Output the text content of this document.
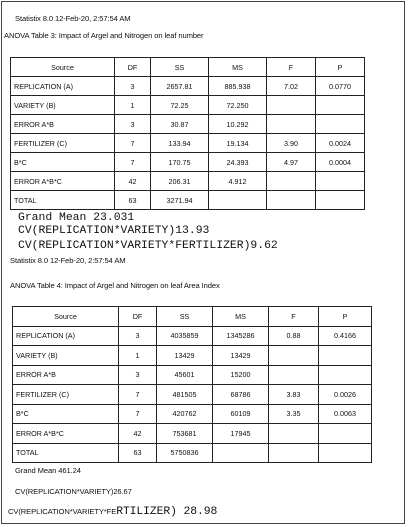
Statistix 8.0 12-Feb-20, 2:57:54 AM
ANOVA Table 3: Impact of Argel and Nitrogen on leaf number
Source	DF	SS	MS	F	P
REPLICATION (A)	3	2657.81	885.938	7.02	0.0770
VARIETY (B)	1	72.25	72.250		
ERROR A*B	3	30.87	10.292		
FERTILIZER (C)	7	133.94	19.134	3.90	0.0024
B*C	7	170.75	24.393	4.97	0.0004
ERROR A*B*C	42	206.31	4.912		
TOTAL	63	3271.94			
Grand Mean 23.031
CV(REPLICATION*VARIETY)13.93
CV(REPLICATION*VARIETY*FERTILIZER)9.62
Statistix 8.0 12-Feb-20, 2:57:54 AM
ANOVA Table 4: Impact of Argel and Nitrogen on leaf Area Index
Source	DF	SS	MS	F	P
REPLICATION (A)	3	4035859	1345286	0.88	0.4166
VARIETY (B)	1	13429	13429		
ERROR A*B	3	45601	15200		
FERTILIZER (C)	7	481505	68786	3.83	0.0026
B*C	7	420762	60109	3.35	0.0063
ERROR A*B*C	42	753681	17945		
TOTAL	63	5750836			
Grand Mean 461.24
CV(REPLICATION*VARIETY)26.67
CV(REPLICATION*VARIETY*FERTILIZER) 28.98
